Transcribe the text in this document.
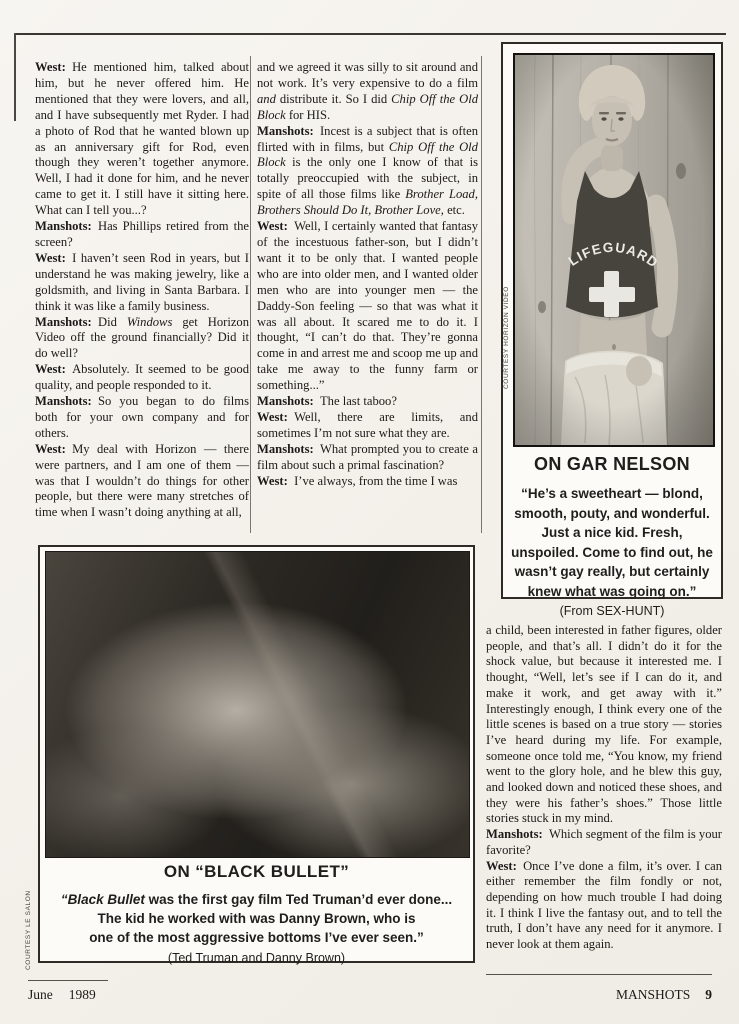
West: He mentioned him, talked about him, but he never offered him. He mentioned that they were lovers, and all, and I have subsequently met Ryder. I had a photo of Rod that he wanted blown up as an anniversary gift for Rod, even though they weren’t together anymore. Well, I had it done for him, and he never came to get it. I still have it sitting here. What can I tell you...?

Manshots: Has Phillips retired from the screen?

West: I haven’t seen Rod in years, but I understand he was making jewelry, like a goldsmith, and living in Santa Barbara. I think it was like a family business.

Manshots: Did Windows get Horizon Video off the ground financially? Did it do well?

West: Absolutely. It seemed to be good quality, and people responded to it.

Manshots: So you began to do films both for your own company and for others.

West: My deal with Horizon — there were partners, and I am one of them — was that I wouldn’t do things for other people, but there were many stretches of time when I wasn’t doing anything at all,

and we agreed it was silly to sit around and not work. It’s very expensive to do a film and distribute it. So I did Chip Off the Old Block for HIS.

Manshots: Incest is a subject that is often flirted with in films, but Chip Off the Old Block is the only one I know of that is totally preoccupied with the subject, in spite of all those films like Brother Load, Brothers Should Do It, Brother Love, etc.

West: Well, I certainly wanted that fantasy of the incestuous father-son, but I didn’t want it to be only that. I wanted people who are into older men, and I wanted older men who are into younger men — the Daddy-Son feeling — so that was what it was all about. It scared me to do it. I thought, “I can’t do that. They’re gonna come in and arrest me and scoop me up and take me away to the funny farm or something...”

Manshots: The last taboo?

West: Well, there are limits, and sometimes I’m not sure what they are.

Manshots: What prompted you to create a film about such a primal fascination?

West: I’ve always, from the time I was

COURTESY HORIZON VIDEO
ON GAR NELSON
“He’s a sweetheart — blond,
smooth, pouty, and wonderful.
Just a nice kid. Fresh,
unspoiled. Come to find out, he
wasn’t gay really, but certainly
knew what was going on.”
(From SEX-HUNT)

a child, been interested in father figures, older people, and that’s all. I didn’t do it for the shock value, but because it interested me. I thought, “Well, let’s see if I can do it, and make it work, and get away with it.” Interestingly enough, I think every one of the little scenes is based on a true story — stories I’ve heard during my life. For example, someone once told me, “You know, my friend went to the glory hole, and he blew this guy, and looked down and noticed these shoes, and they were his father’s shoes.” Those little stories stuck in my mind.

Manshots: Which segment of the film is your favorite?

West: Once I’ve done a film, it’s over. I can either remember the film fondly or not, depending on how much trouble I had doing it. I think I live the fantasy out, and to tell the truth, I don’t have any need for it anymore. I never look at them again.

COURTESY LE SALON
ON “BLACK BULLET”
“Black Bullet was the first gay film Ted Truman’d ever done...
The kid he worked with was Danny Brown, who is
one of the most aggressive bottoms I’ve ever seen.”
(Ted Truman and Danny Brown)
June 1989	MANSHOTS 9
